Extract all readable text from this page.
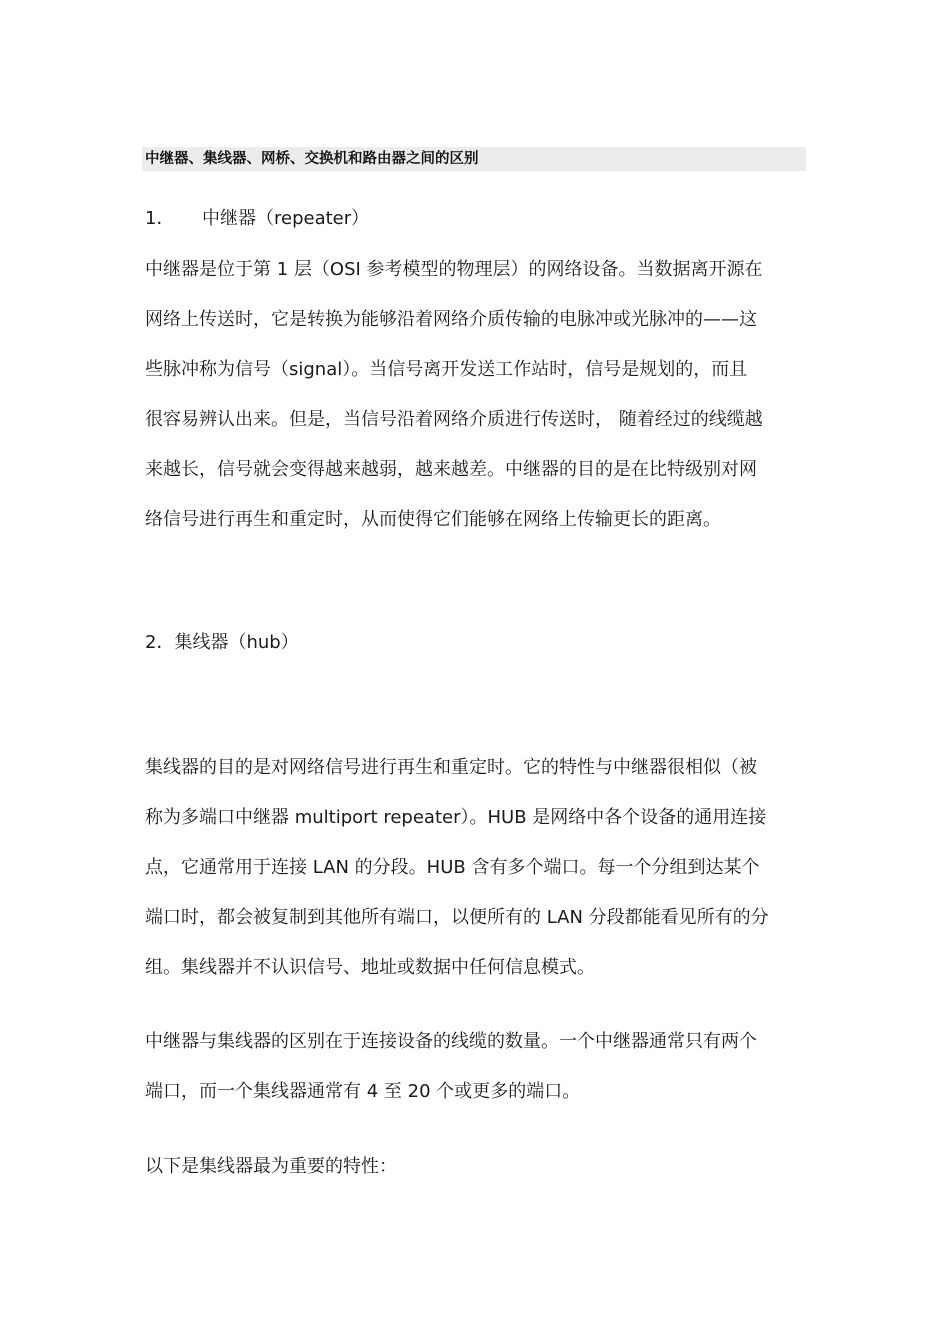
中继器、集线器、网桥、交换机和路由器之间的区别
1． 中继器（repeater）
中继器是位于第 1 层（OSI 参考模型的物理层）的网络设备。当数据离开源在
网络上传送时，它是转换为能够沿着网络介质传输的电脉冲或光脉冲的——这
些脉冲称为信号（signal）。当信号离开发送工作站时，信号是规划的，而且
很容易辨认出来。但是，当信号沿着网络介质进行传送时， 随着经过的线缆越
来越长，信号就会变得越来越弱，越来越差。中继器的目的是在比特级别对网
络信号进行再生和重定时，从而使得它们能够在网络上传输更长的距离。
2．集线器（hub）
集线器的目的是对网络信号进行再生和重定时。它的特性与中继器很相似（被
称为多端口中继器 multiport repeater）。HUB 是网络中各个设备的通用连接
点，它通常用于连接 LAN 的分段。HUB 含有多个端口。每一个分组到达某个
端口时，都会被复制到其他所有端口，以便所有的 LAN 分段都能看见所有的分
组。集线器并不认识信号、地址或数据中任何信息模式。
中继器与集线器的区别在于连接设备的线缆的数量。一个中继器通常只有两个
端口，而一个集线器通常有 4 至 20 个或更多的端口。
以下是集线器最为重要的特性：
